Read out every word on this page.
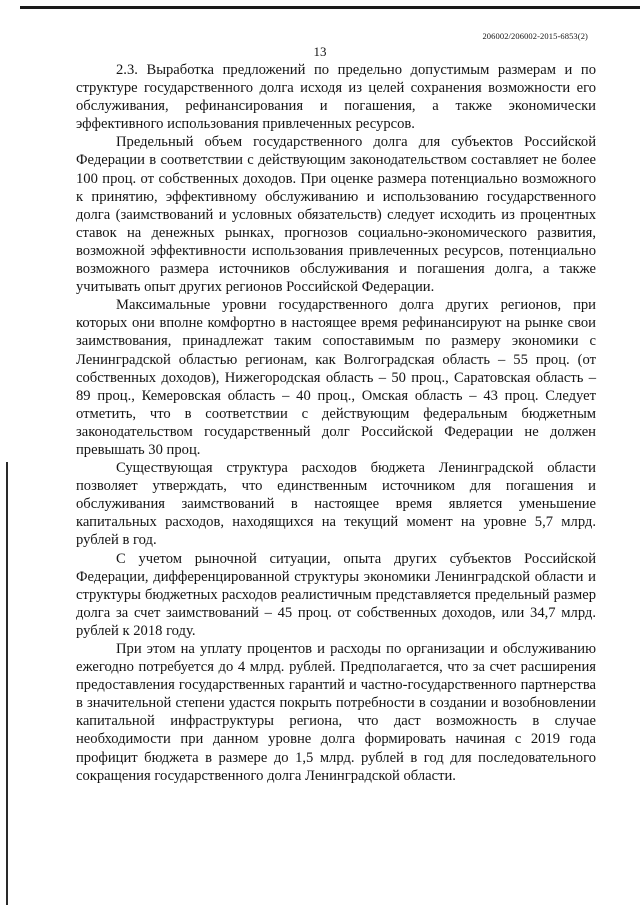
206002/206002-2015-6853(2)
13

2.3. Выработка предложений по предельно допустимым размерам и по структуре государственного долга исходя из целей сохранения возможности его обслуживания, рефинансирования и погашения, а также экономически эффективного использования привлеченных ресурсов.

Предельный объем государственного долга для субъектов Российской Федерации в соответствии с действующим законодательством составляет не более 100 проц. от собственных доходов. При оценке размера потенциально возможного к принятию, эффективному обслуживанию и использованию государственного долга (заимствований и условных обязательств) следует исходить из процентных ставок на денежных рынках, прогнозов социально-экономического развития, возможной эффективности использования привлеченных ресурсов, потенциально возможного размера источников обслуживания и погашения долга, а также учитывать опыт других регионов Российской Федерации.

Максимальные уровни государственного долга других регионов, при которых они вполне комфортно в настоящее время рефинансируют на рынке свои заимствования, принадлежат таким сопоставимым по размеру экономики с Ленинградской областью регионам, как Волгоградская область – 55 проц. (от собственных доходов), Нижегородская область – 50 проц., Саратовская область – 89 проц., Кемеровская область – 40 проц., Омская область – 43 проц. Следует отметить, что в соответствии с действующим федеральным бюджетным законодательством государственный долг Российской Федерации не должен превышать 30 проц.

Существующая структура расходов бюджета Ленинградской области позволяет утверждать, что единственным источником для погашения и обслуживания заимствований в настоящее время является уменьшение капитальных расходов, находящихся на текущий момент на уровне 5,7 млрд. рублей в год.

С учетом рыночной ситуации, опыта других субъектов Российской Федерации, дифференцированной структуры экономики Ленинградской области и структуры бюджетных расходов реалистичным представляется предельный размер долга за счет заимствований – 45 проц. от собственных доходов, или 34,7 млрд. рублей к 2018 году.

При этом на уплату процентов и расходы по организации и обслуживанию ежегодно потребуется до 4 млрд. рублей. Предполагается, что за счет расширения предоставления государственных гарантий и частно-государственного партнерства в значительной степени удастся покрыть потребности в создании и возобновлении капитальной инфраструктуры региона, что даст возможность в случае необходимости при данном уровне долга формировать начиная с 2019 года профицит бюджета в размере до 1,5 млрд. рублей в год для последовательного сокращения государственного долга Ленинградской области.
